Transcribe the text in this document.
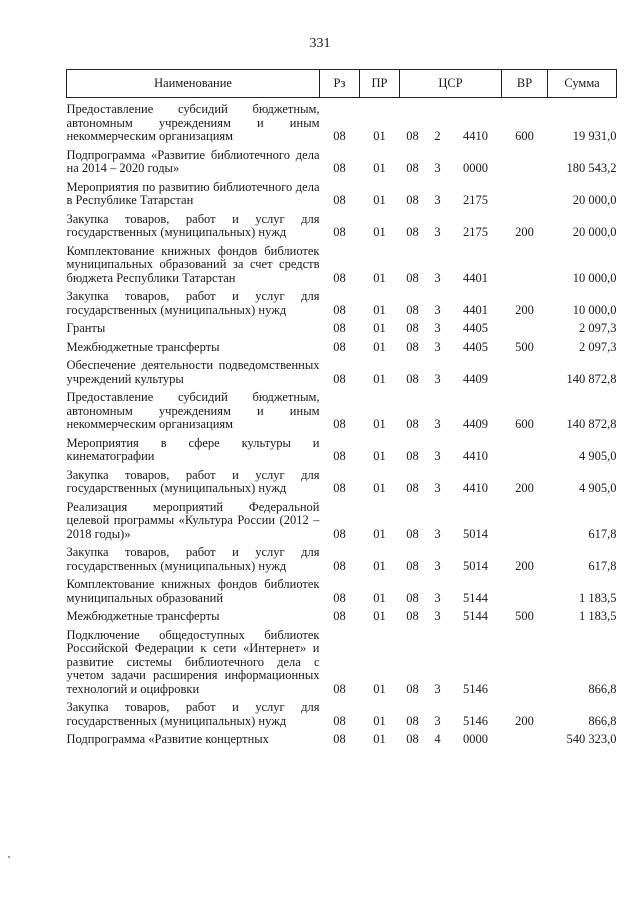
331
Наименование	Рз	ПР	ЦСР			ВР	Сумма
Предоставление субсидий бюджетным, автономным учреждениям и иным некоммерческим организациям	08	01	08	2	4410	600	19 931,0
Подпрограмма «Развитие библиотечного дела на 2014 – 2020 годы»	08	01	08	3	0000		180 543,2
Мероприятия по развитию библиотечного дела в Республике Татарстан	08	01	08	3	2175		20 000,0
Закупка товаров, работ и услуг для государственных (муниципальных) нужд	08	01	08	3	2175	200	20 000,0
Комплектование книжных фондов библиотек муниципальных образований за счет средств бюджета Республики Татарстан	08	01	08	3	4401		10 000,0
Закупка товаров, работ и услуг для государственных (муниципальных) нужд	08	01	08	3	4401	200	10 000,0
Гранты	08	01	08	3	4405		2 097,3
Межбюджетные трансферты	08	01	08	3	4405	500	2 097,3
Обеспечение деятельности подведомственных учреждений культуры	08	01	08	3	4409		140 872,8
Предоставление субсидий бюджетным, автономным учреждениям и иным некоммерческим организациям	08	01	08	3	4409	600	140 872,8
Мероприятия в сфере культуры и кинематографии	08	01	08	3	4410		4 905,0
Закупка товаров, работ и услуг для государственных (муниципальных) нужд	08	01	08	3	4410	200	4 905,0
Реализация мероприятий Федеральной целевой программы «Культура России (2012 – 2018 годы)»	08	01	08	3	5014		617,8
Закупка товаров, работ и услуг для государственных (муниципальных) нужд	08	01	08	3	5014	200	617,8
Комплектование книжных фондов библиотек муниципальных образований	08	01	08	3	5144		1 183,5
Межбюджетные трансферты	08	01	08	3	5144	500	1 183,5
Подключение общедоступных библиотек Российской Федерации к сети «Интернет» и развитие системы библиотечного дела с учетом задачи расширения информационных технологий и оцифровки	08	01	08	3	5146		866,8
Закупка товаров, работ и услуг для государственных (муниципальных) нужд	08	01	08	3	5146	200	866,8
Подпрограмма «Развитие концертных	08	01	08	4	0000		540 323,0
